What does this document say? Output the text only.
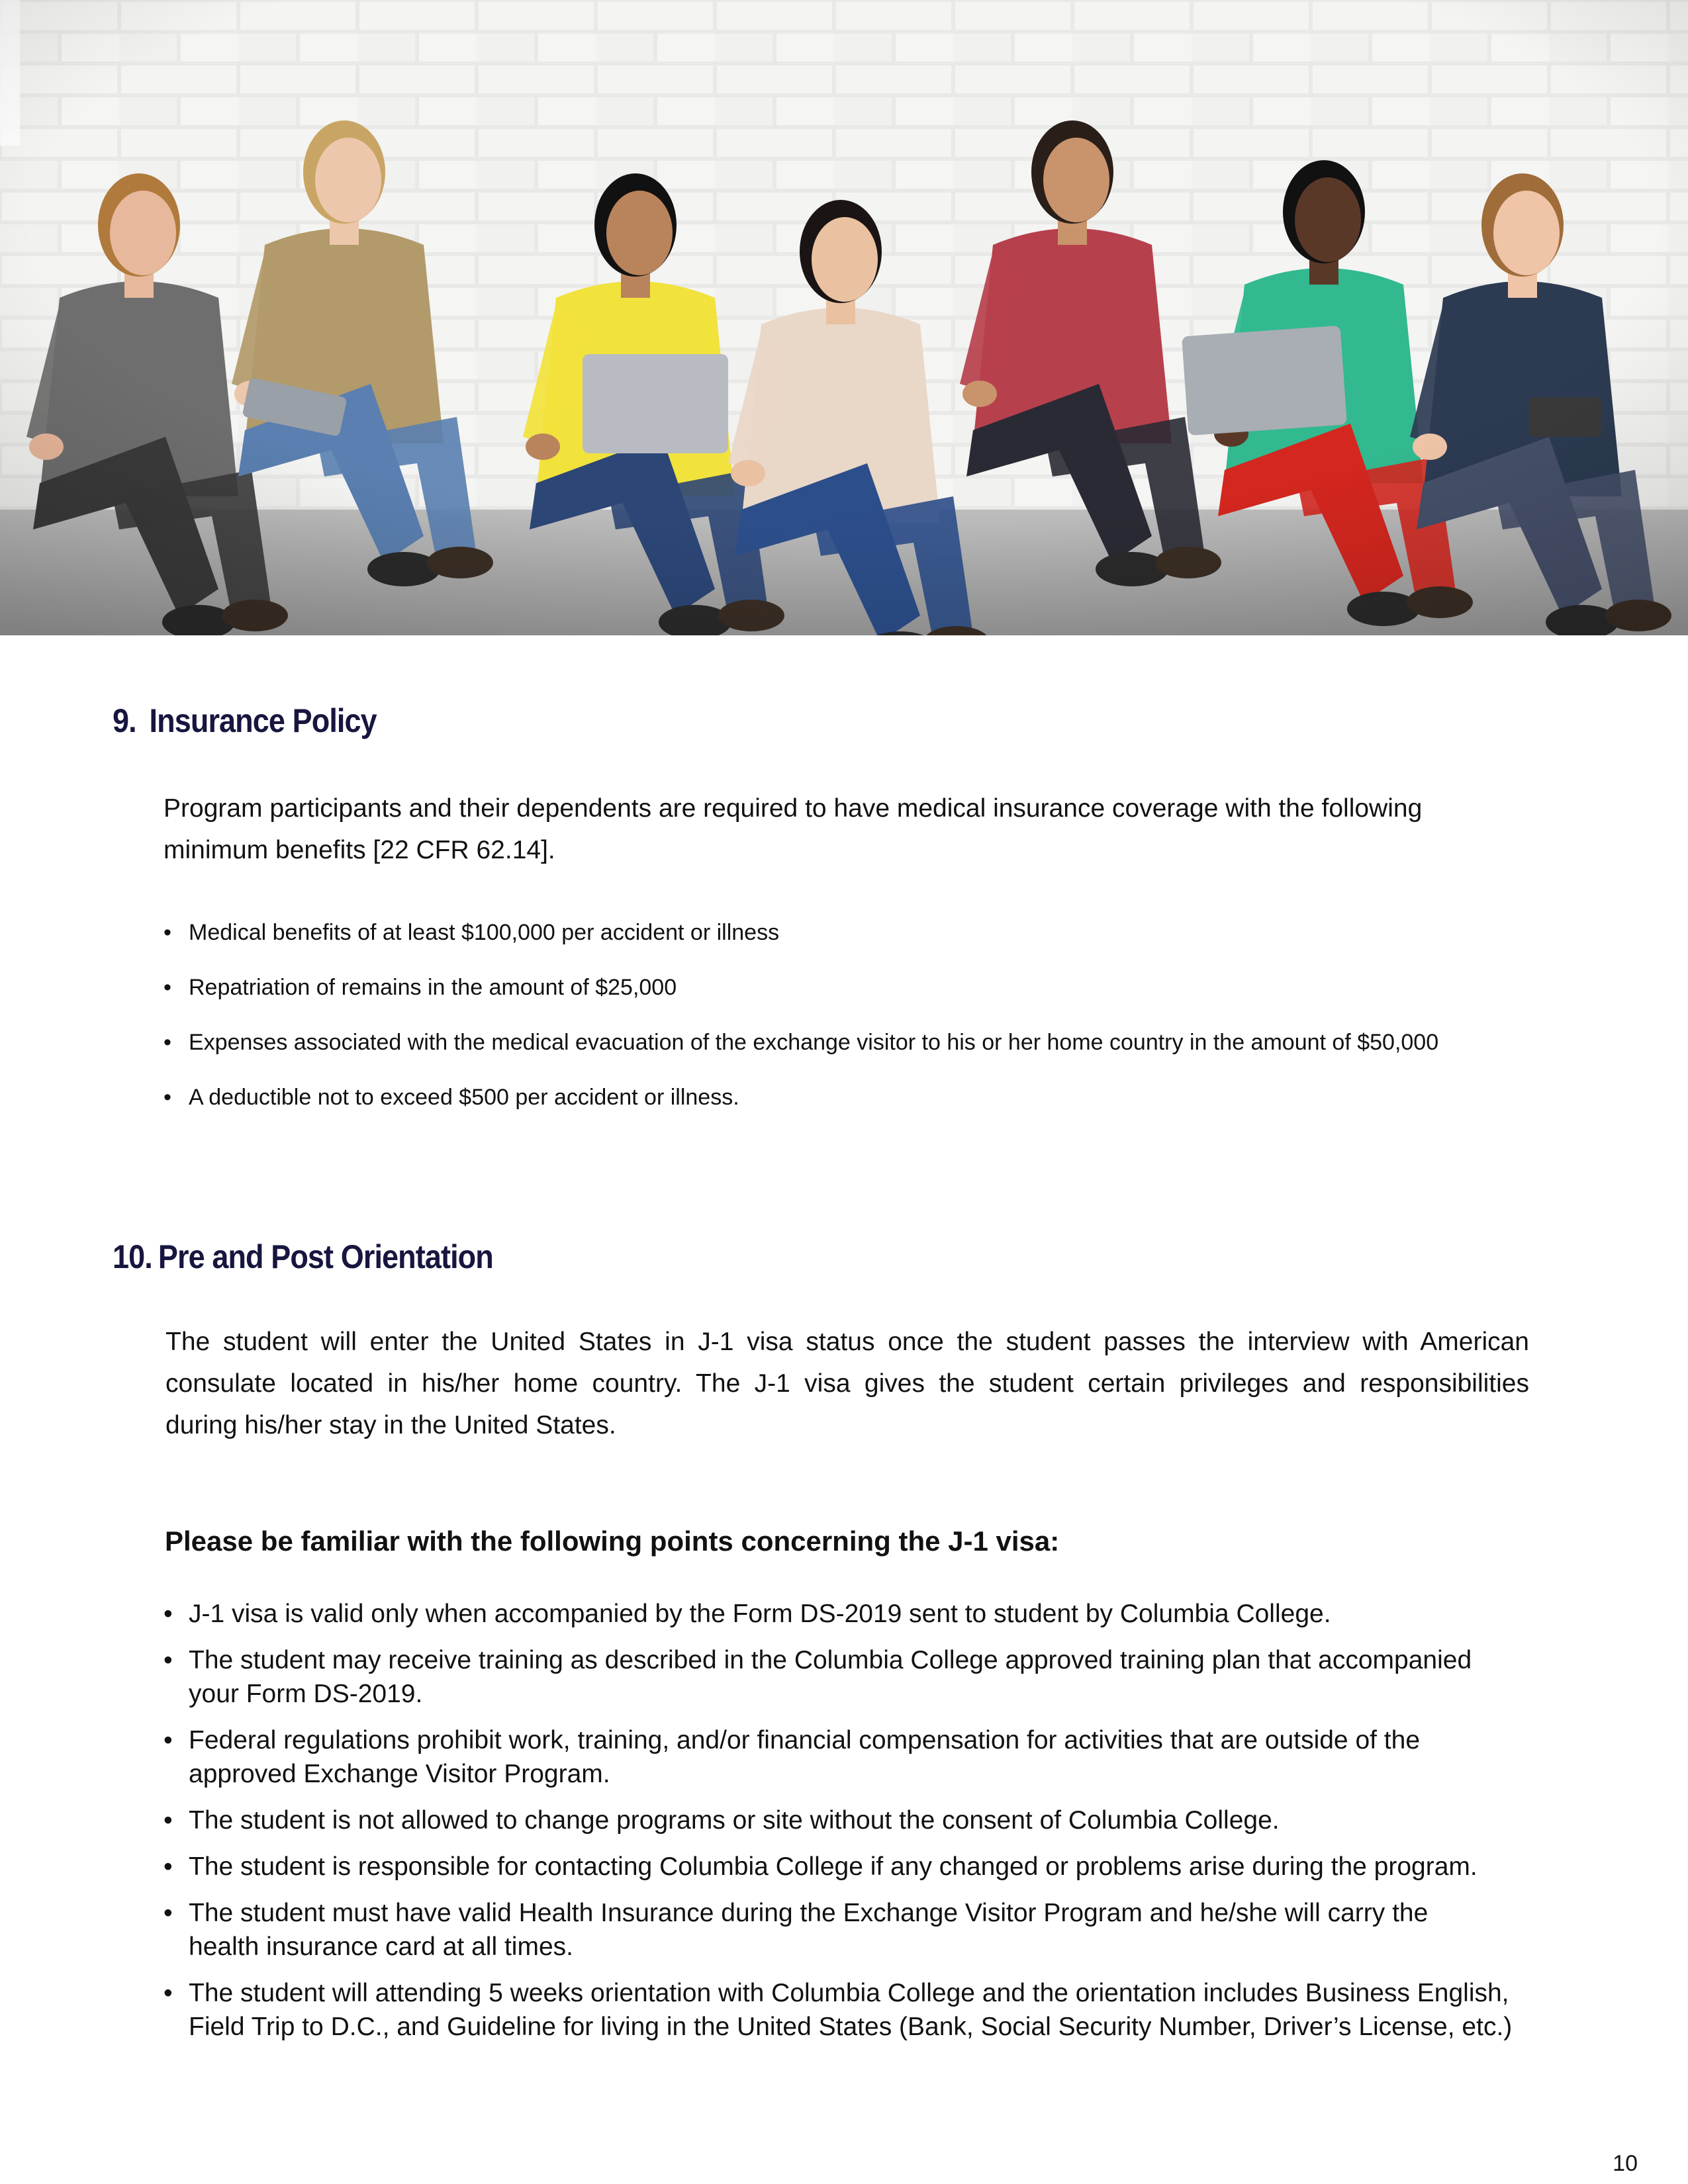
9. Insurance Policy
Program participants and their dependents are required to have medical insurance coverage with the following
minimum benefits [22 CFR 62.14].
• Medical benefits of at least $100,000 per accident or illness
• Repatriation of remains in the amount of $25,000
• Expenses associated with the medical evacuation of the exchange visitor to his or her home country in the amount of $50,000
• A deductible not to exceed $500 per accident or illness.
10. Pre and Post Orientation
The student will enter the United States in J-1 visa status once the student passes the interview with American
consulate located in his/her home country. The J-1 visa gives the student certain privileges and responsibilities
during his/her stay in the United States.
Please be familiar with the following points concerning the J-1 visa:
• J-1 visa is valid only when accompanied by the Form DS-2019 sent to student by Columbia College.
• The student may receive training as described in the Columbia College approved training plan that accompanied
your Form DS-2019.
• Federal regulations prohibit work, training, and/or financial compensation for activities that are outside of the
approved Exchange Visitor Program.
• The student is not allowed to change programs or site without the consent of Columbia College.
• The student is responsible for contacting Columbia College if any changed or problems arise during the program.
• The student must have valid Health Insurance during the Exchange Visitor Program and he/she will carry the
health insurance card at all times.
• The student will attending 5 weeks orientation with Columbia College and the orientation includes Business English,
Field Trip to D.C., and Guideline for living in the United States (Bank, Social Security Number, Driver’s License, etc.)
10
